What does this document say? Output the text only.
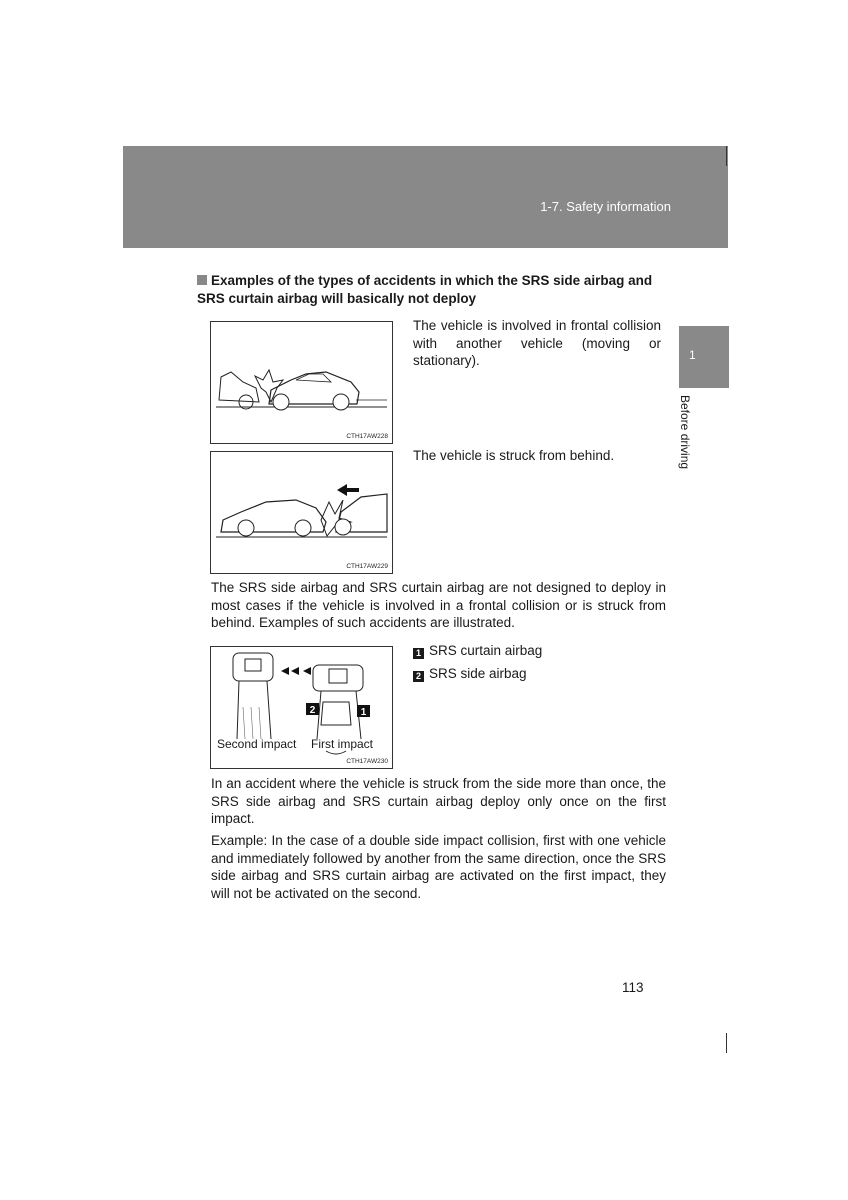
1-7. Safety information
1
Before driving
Examples of the types of accidents in which the SRS side airbag and SRS curtain airbag will basically not deploy
CTH17AW228
The vehicle is involved in frontal collision with another vehicle (moving or stationary).
CTH17AW229
The vehicle is struck from behind.
The SRS side airbag and SRS curtain airbag are not designed to deploy in most cases if the vehicle is involved in a frontal collision or is struck from behind. Examples of such accidents are illustrated.
2	1
Second impact First impact
CTH17AW230
1 SRS curtain airbag
2 SRS side airbag
In an accident where the vehicle is struck from the side more than once, the SRS side airbag and SRS curtain airbag deploy only once on the first impact.
Example: In the case of a double side impact collision, first with one vehicle and immediately followed by another from the same direction, once the SRS side airbag and SRS curtain airbag are activated on the first impact, they will not be activated on the second.
113
